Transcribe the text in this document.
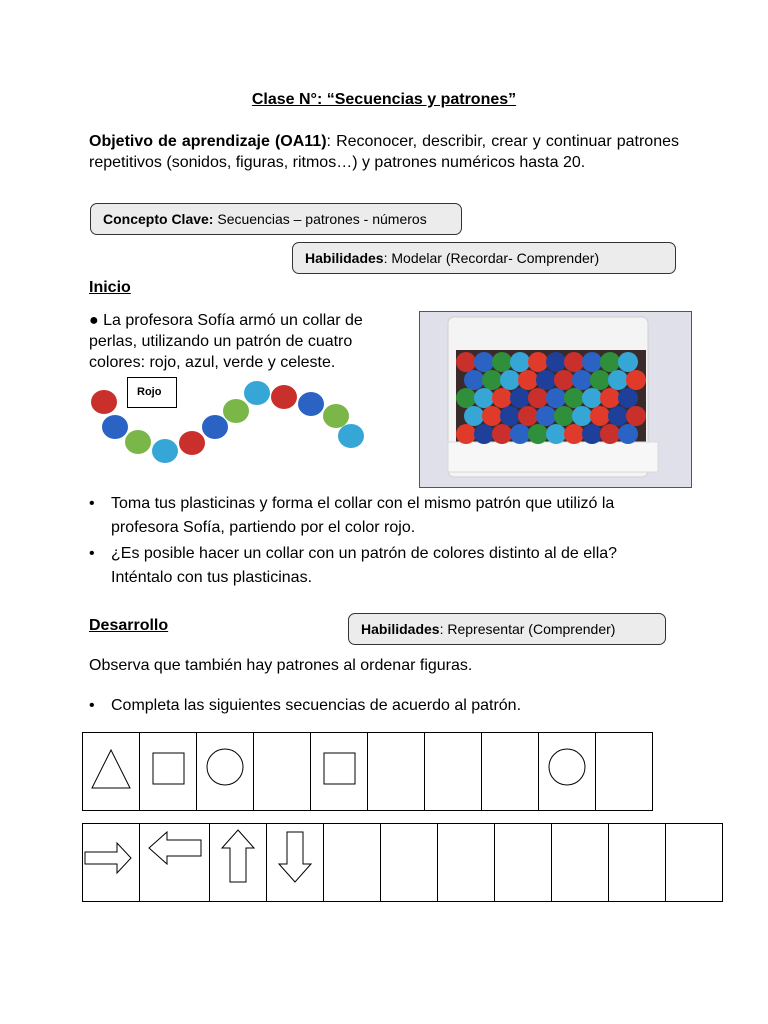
Clase N°: “Secuencias y patrones”
Objetivo de aprendizaje (OA11): Reconocer, describir, crear y continuar patrones repetitivos (sonidos, figuras, ritmos…) y patrones numéricos hasta 20.
Concepto Clave: Secuencias – patrones - números
Habilidades: Modelar (Recordar- Comprender)
Inicio
● La profesora Sofía armó un collar de perlas, utilizando un patrón de cuatro colores: rojo, azul, verde y celeste.
Rojo
• Toma tus plasticinas y forma el collar con el mismo patrón que utilizó la profesora Sofía, partiendo por el color rojo.
• ¿Es posible hacer un collar con un patrón de colores distinto al de ella? Inténtalo con tus plasticinas.
Desarrollo	Habilidades: Representar (Comprender)
Observa que también hay patrones al ordenar figuras.
• Completa las siguientes secuencias de acuerdo al patrón.
